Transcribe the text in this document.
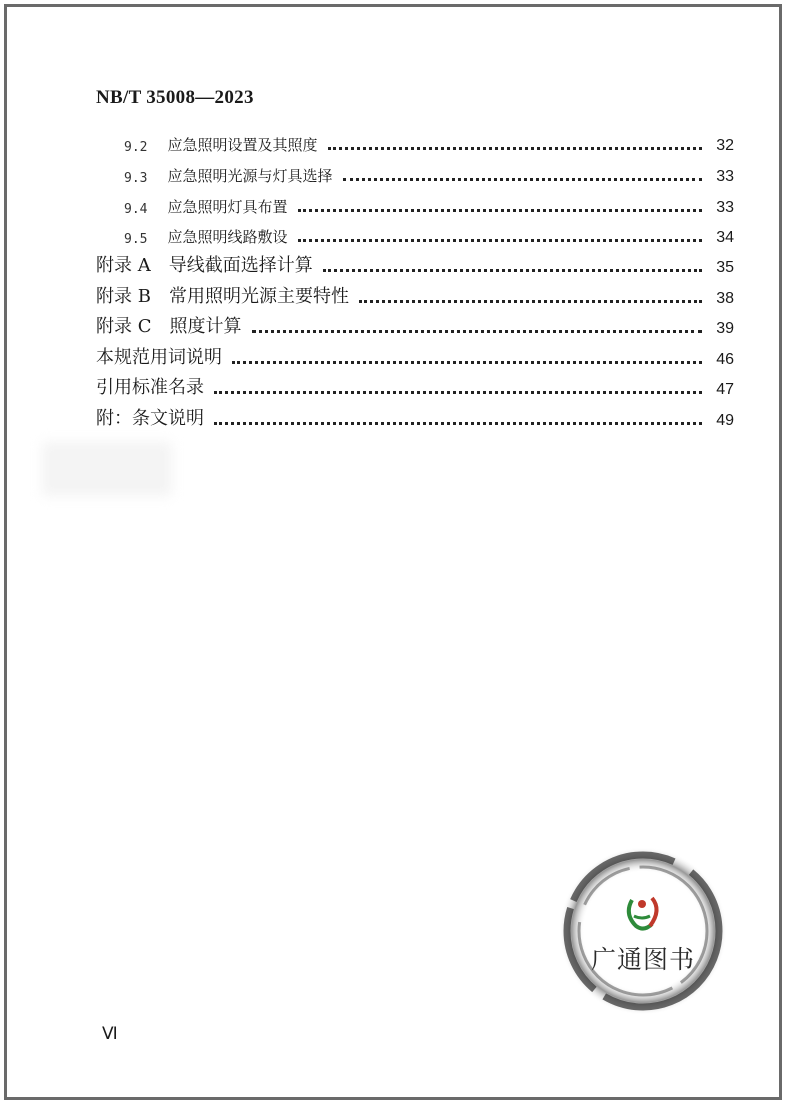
NB/T 35008—2023
9.2 应急照明设置及其照度	32
9.3 应急照明光源与灯具选择	33
9.4 应急照明灯具布置	33
9.5 应急照明线路敷设	34
附录 A　导线截面选择计算	35
附录 B　常用照明光源主要特性	38
附录 C　照度计算	39
本规范用词说明	46
引用标准名录	47
附：条文说明	49
广通图书
Ⅵ
